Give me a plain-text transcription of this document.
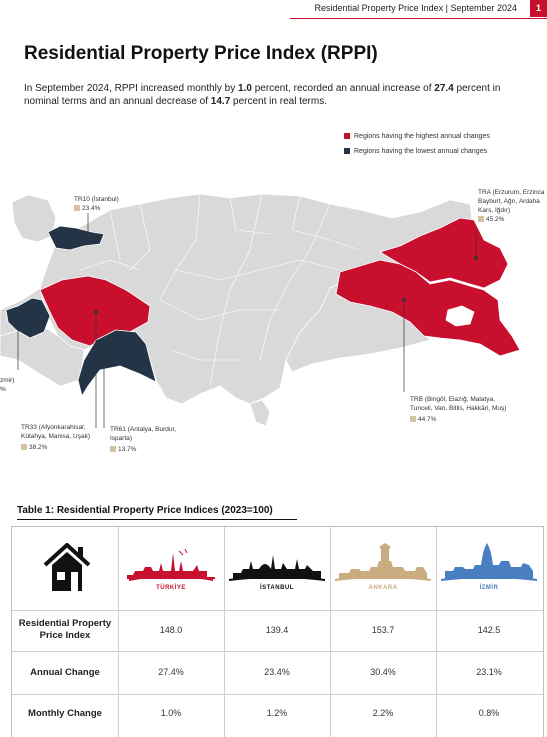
Residential Property Price Index | September 2024	1
Residential Property Price Index (RPPI)

In September 2024, RPPI increased monthly by 1.0 percent, recorded an annual increase of 27.4 percent in nominal terms and an annual decrease of 14.7 percent in real terms.

Regions having the highest annual changes
Regions having the lowest annual changes
TR10 (İstanbul)
23.4%
TRA (Erzurum, Erzinca
Bayburt, Ağrı, Ardaha
Kars, Iğdır)
45.2%
TRB (Bingöl, Elazığ, Malatya,
Tunceli, Van, Bitlis, Hakkâri, Muş)
44.7%
TR33 (Afyonkarahisar,
Kütahya, Manisa, Uşak)
38.2%
TR61 (Antalya, Burdur,
Isparta)
13.7%
zmir)
%
Table 1: Residential Property Price Indices (2023=100)
TÜRKİYE	İSTANBUL	ANKARA	İZMİR
Residential Property Price Index	148.0	139.4	153.7	142.5
Annual Change	27.4%	23.4%	30.4%	23.1%
Monthly Change	1.0%	1.2%	2.2%	0.8%
